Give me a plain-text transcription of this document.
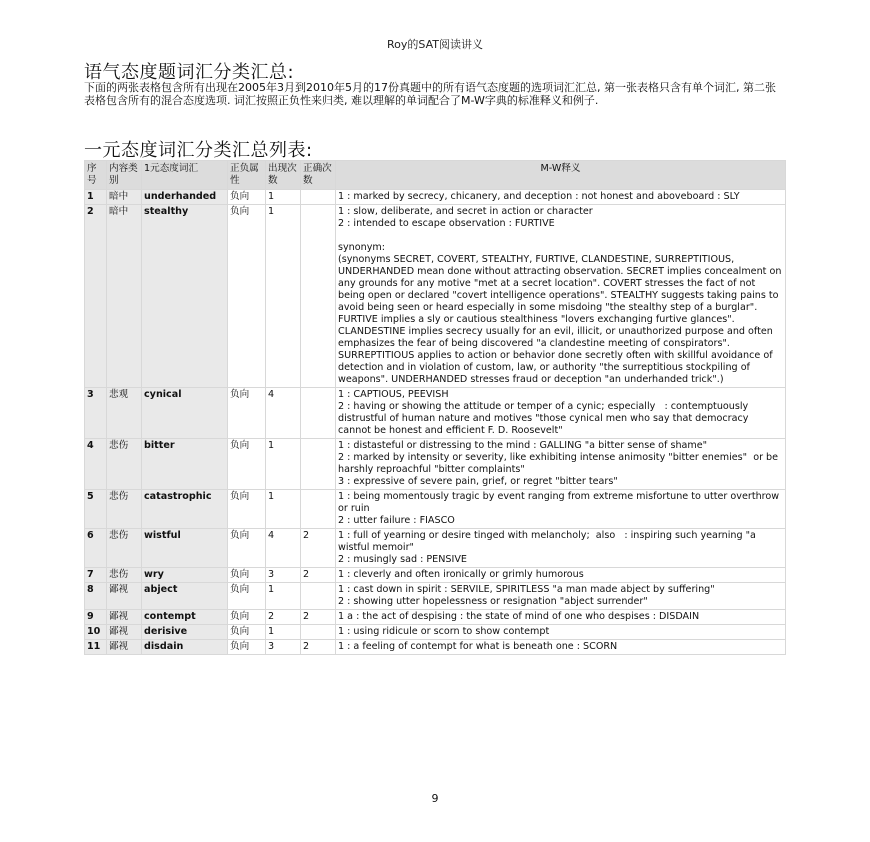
Roy的SAT阅读讲义
语气态度题词汇分类汇总:

下面的两张表格包含所有出现在2005年3月到2010年5月的17份真题中的所有语气态度题的选项词汇汇总, 第一张表格只含有单个词汇, 第二张表格包含所有的混合态度选项. 词汇按照正负性来归类, 难以理解的单词配合了M-W字典的标准释义和例子.

一元态度词汇分类汇总列表:
序号	内容类别	1元态度词汇	正负属性	出现次数	正确次数	M-W释义
1	暗中	underhanded	负向	1		1 : marked by secrecy, chicanery, and deception : not honest and aboveboard : SLY
2	暗中	stealthy	负向	1		1 : slow, deliberate, and secret in action or character
2 : intended to escape observation : FURTIVE

synonym:
(synonyms SECRET, COVERT, STEALTHY, FURTIVE, CLANDESTINE, SURREPTITIOUS, UNDERHANDED mean done without attracting observation. SECRET implies concealment on any grounds for any motive "met at a secret location". COVERT stresses the fact of not being open or declared "covert intelligence operations". STEALTHY suggests taking pains to avoid being seen or heard especially in some misdoing "the stealthy step of a burglar". FURTIVE implies a sly or cautious stealthiness "lovers exchanging furtive glances". CLANDESTINE implies secrecy usually for an evil, illicit, or unauthorized purpose and often emphasizes the fear of being discovered "a clandestine meeting of conspirators". SURREPTITIOUS applies to action or behavior done secretly often with skillful avoidance of detection and in violation of custom, law, or authority "the surreptitious stockpiling of weapons". UNDERHANDED stresses fraud or deception "an underhanded trick".)
3	悲观	cynical	负向	4		1 : CAPTIOUS, PEEVISH
2 : having or showing the attitude or temper of a cynic; especially   : contemptuously distrustful of human nature and motives "those cynical men who say that democracy cannot be honest and efficient F. D. Roosevelt"
4	悲伤	bitter	负向	1		1 : distasteful or distressing to the mind : GALLING "a bitter sense of shame"
2 : marked by intensity or severity, like exhibiting intense animosity "bitter enemies"  or be harshly reproachful "bitter complaints"
3 : expressive of severe pain, grief, or regret "bitter tears"
5	悲伤	catastrophic	负向	1		1 : being momentously tragic by event ranging from extreme misfortune to utter overthrow or ruin
2 : utter failure : FIASCO
6	悲伤	wistful	负向	4	2	1 : full of yearning or desire tinged with melancholy;  also   : inspiring such yearning "a wistful memoir"
2 : musingly sad : PENSIVE
7	悲伤	wry	负向	3	2	1 : cleverly and often ironically or grimly humorous
8	鄙视	abject	负向	1		1 : cast down in spirit : SERVILE, SPIRITLESS "a man made abject by suffering"
2 : showing utter hopelessness or resignation "abject surrender"
9	鄙视	contempt	负向	2	2	1 a : the act of despising : the state of mind of one who despises : DISDAIN
10	鄙视	derisive	负向	1		1 : using ridicule or scorn to show contempt
11	鄙视	disdain	负向	3	2	1 : a feeling of contempt for what is beneath one : SCORN
9
